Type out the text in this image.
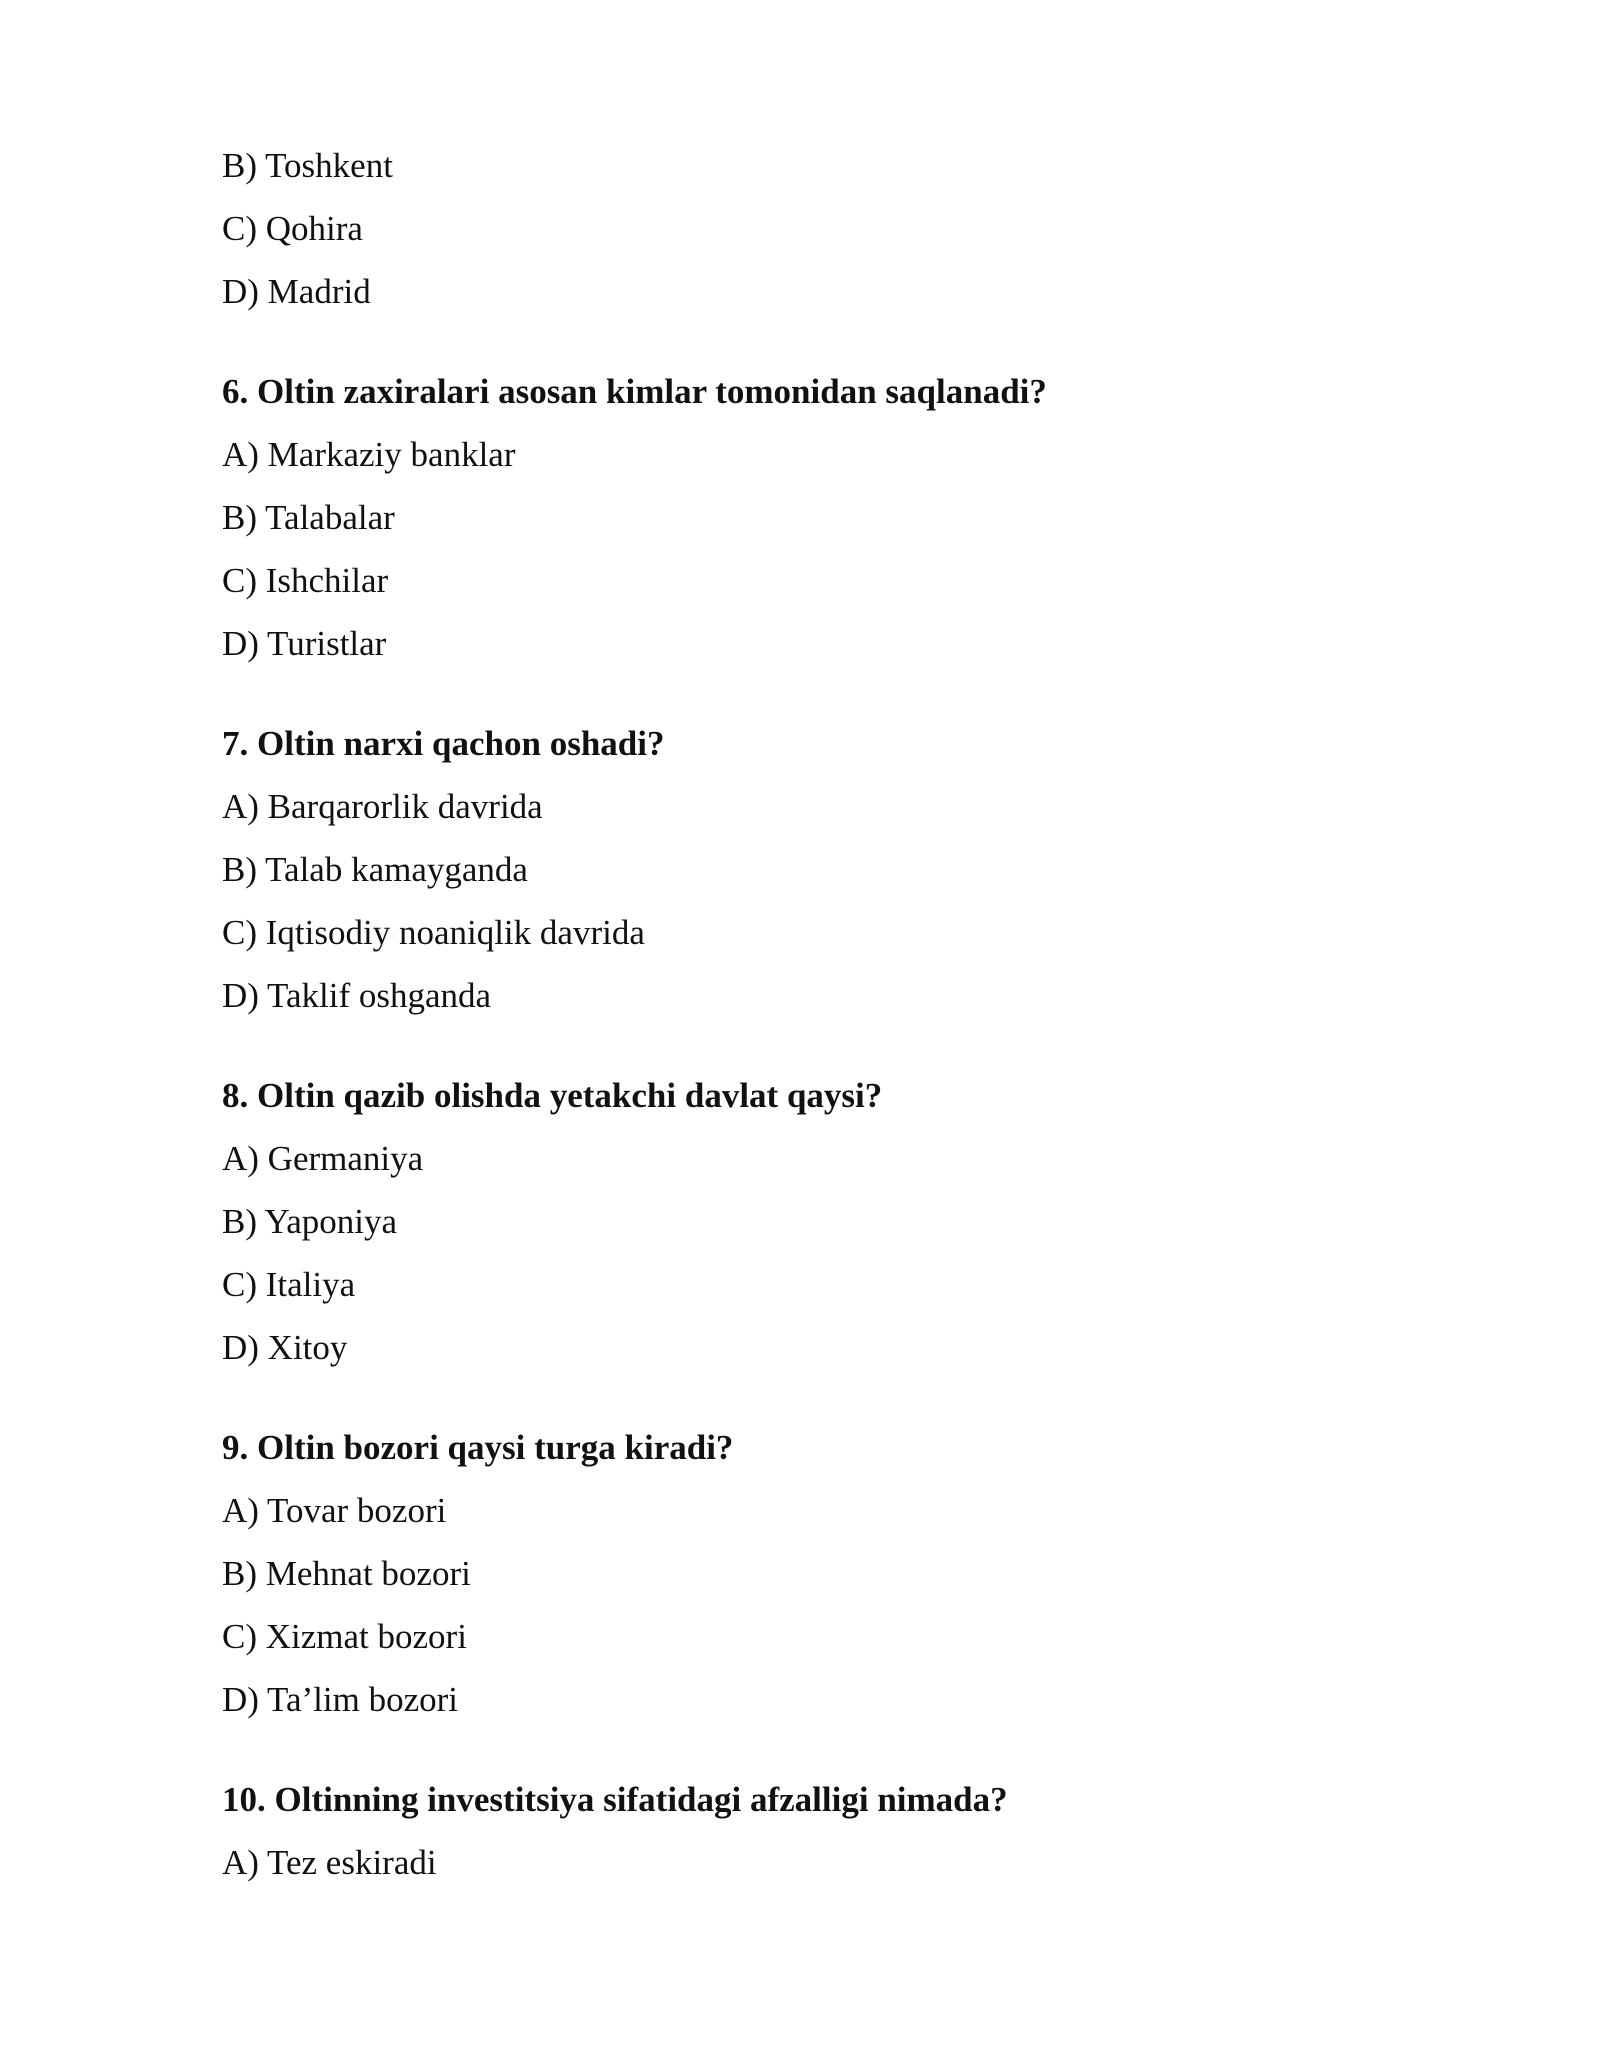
B) Toshkent
C) Qohira
D) Madrid
6. Oltin zaxiralari asosan kimlar tomonidan saqlanadi?
A) Markaziy banklar
B) Talabalar
C) Ishchilar
D) Turistlar
7. Oltin narxi qachon oshadi?
A) Barqarorlik davrida
B) Talab kamayganda
C) Iqtisodiy noaniqlik davrida
D) Taklif oshganda
8. Oltin qazib olishda yetakchi davlat qaysi?
A) Germaniya
B) Yaponiya
C) Italiya
D) Xitoy
9. Oltin bozori qaysi turga kiradi?
A) Tovar bozori
B) Mehnat bozori
C) Xizmat bozori
D) Ta’lim bozori
10. Oltinning investitsiya sifatidagi afzalligi nimada?
A) Tez eskiradi
